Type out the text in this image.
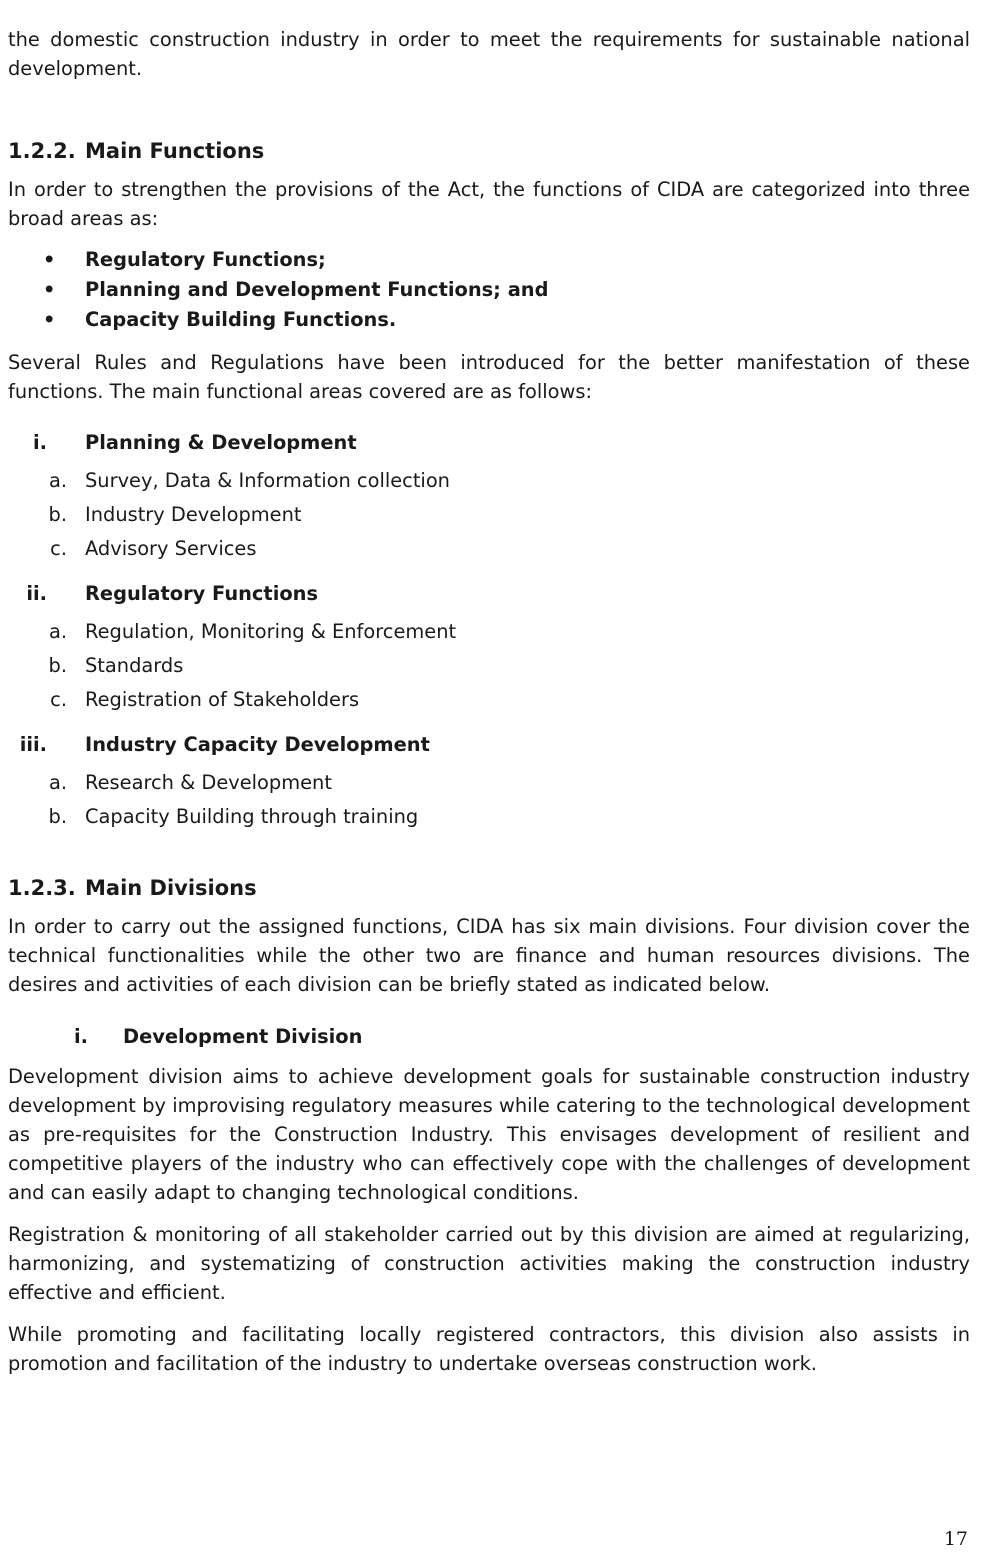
the domestic construction industry in order to meet the requirements for sustainable national development.

1.2.2. Main Functions

In order to strengthen the provisions of the Act, the functions of CIDA are categorized into three broad areas as:

•	Regulatory Functions;
•	Planning and Development Functions; and
•	Capacity Building Functions.

Several Rules and Regulations have been introduced for the better manifestation of these functions. The main functional areas covered are as follows:

i.	Planning & Development

a. Survey, Data & Information collection
b. Industry Development
c. Advisory Services

ii.	Regulatory Functions

a. Regulation, Monitoring & Enforcement
b. Standards
c. Registration of Stakeholders

iii.	Industry Capacity Development

a. Research & Development
b. Capacity Building through training
1.2.3. Main Divisions

In order to carry out the assigned functions, CIDA has six main divisions. Four division cover the technical functionalities while the other two are finance and human resources divisions. The desires and activities of each division can be briefly stated as indicated below.

i.	Development Division

Development division aims to achieve development goals for sustainable construction industry development by improvising regulatory measures while catering to the technological development as pre-requisites for the Construction Industry. This envisages development of resilient and competitive players of the industry who can effectively cope with the challenges of development and can easily adapt to changing technological conditions.

Registration & monitoring of all stakeholder carried out by this division are aimed at regularizing, harmonizing, and systematizing of construction activities making the construction industry effective and efficient.

While promoting and facilitating locally registered contractors, this division also assists in promotion and facilitation of the industry to undertake overseas construction work.

17
